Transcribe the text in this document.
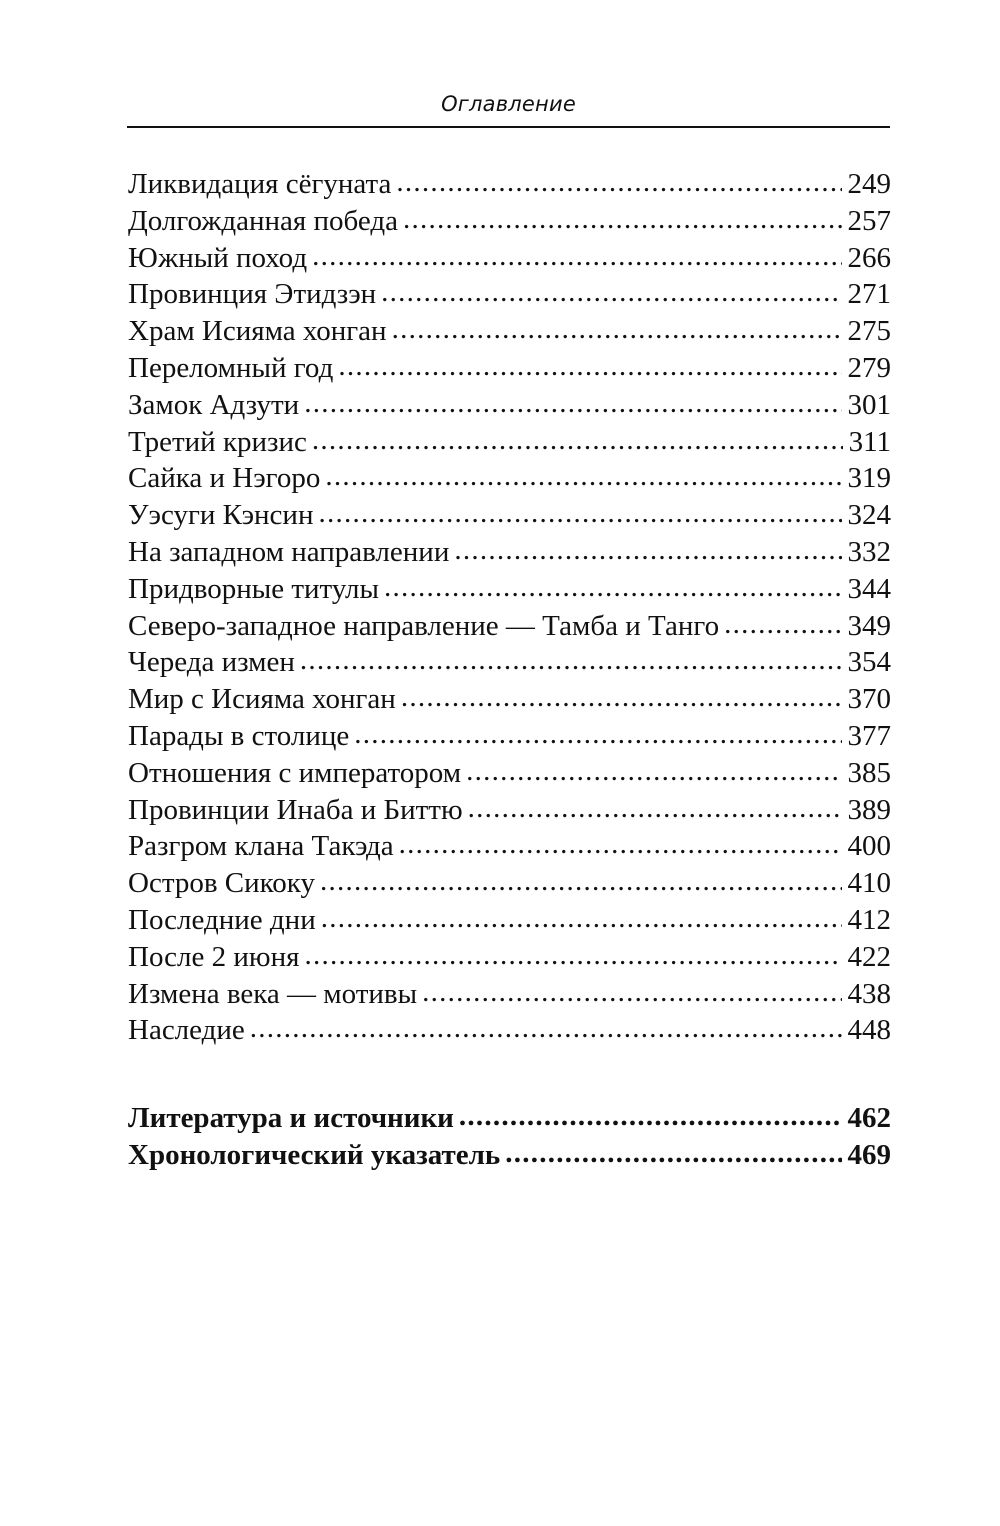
Оглавление
Ликвидация сёгуната . . .	249
Долгожданная победа . . .	257
Южный поход . . .	266
Провинция Этидзэн . . .	271
Храм Исияма хонган . . .	275
Переломный год . . .	279
Замок Адзути . . .	301
Третий кризис . . .	311
Сайка и Нэгоро . . .	319
Уэсуги Кэнсин . . .	324
На западном направлении . . .	332
Придворные титулы . . .	344
Северо-западное направление — Тамба и Танго . . .	349
Череда измен . . .	354
Мир с Исияма хонган . . .	370
Парады в столице . . .	377
Отношения с императором . . .	385
Провинции Инаба и Биттю . . .	389
Разгром клана Такэда . . .	400
Остров Сикоку . . .	410
Последние дни . . .	412
После 2 июня . . .	422
Измена века — мотивы . . .	438
Наследие . . .	448
Литература и источники . . .	462
Хронологический указатель . . .	469
